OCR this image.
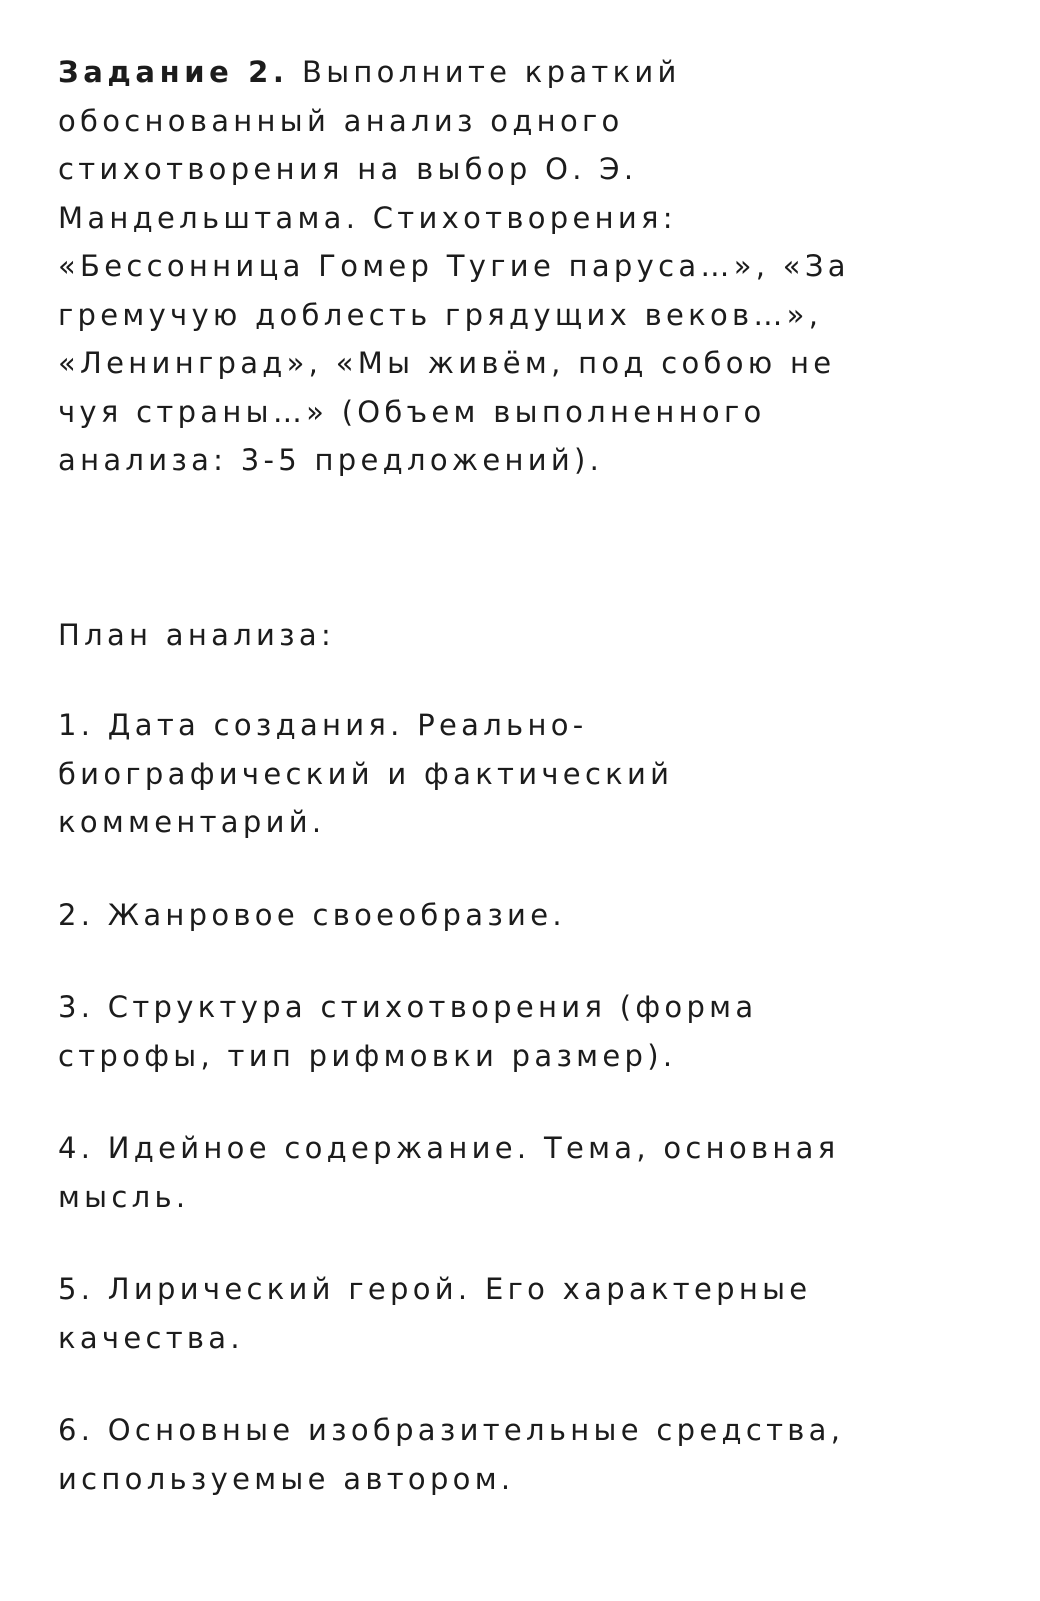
Задание 2. Выполните краткий
обоснованный анализ одного
стихотворения на выбор О. Э.
Мандельштама. Стихотворения:
«Бессонница Гомер Тугие паруса…», «За
гремучую доблесть грядущих веков…»,
«Ленинград», «Мы живём, под собою не
чуя страны…» (Объем выполненного
анализа: 3-5 предложений).

План анализа:

1. Дата создания. Реально-
биографический и фактический
комментарий.
2. Жанровое своеобразие.
3. Структура стихотворения (форма
строфы, тип рифмовки размер).
4. Идейное содержание. Тема, основная
мысль.
5. Лирический герой. Его характерные
качества.
6. Основные изобразительные средства,
используемые автором.
